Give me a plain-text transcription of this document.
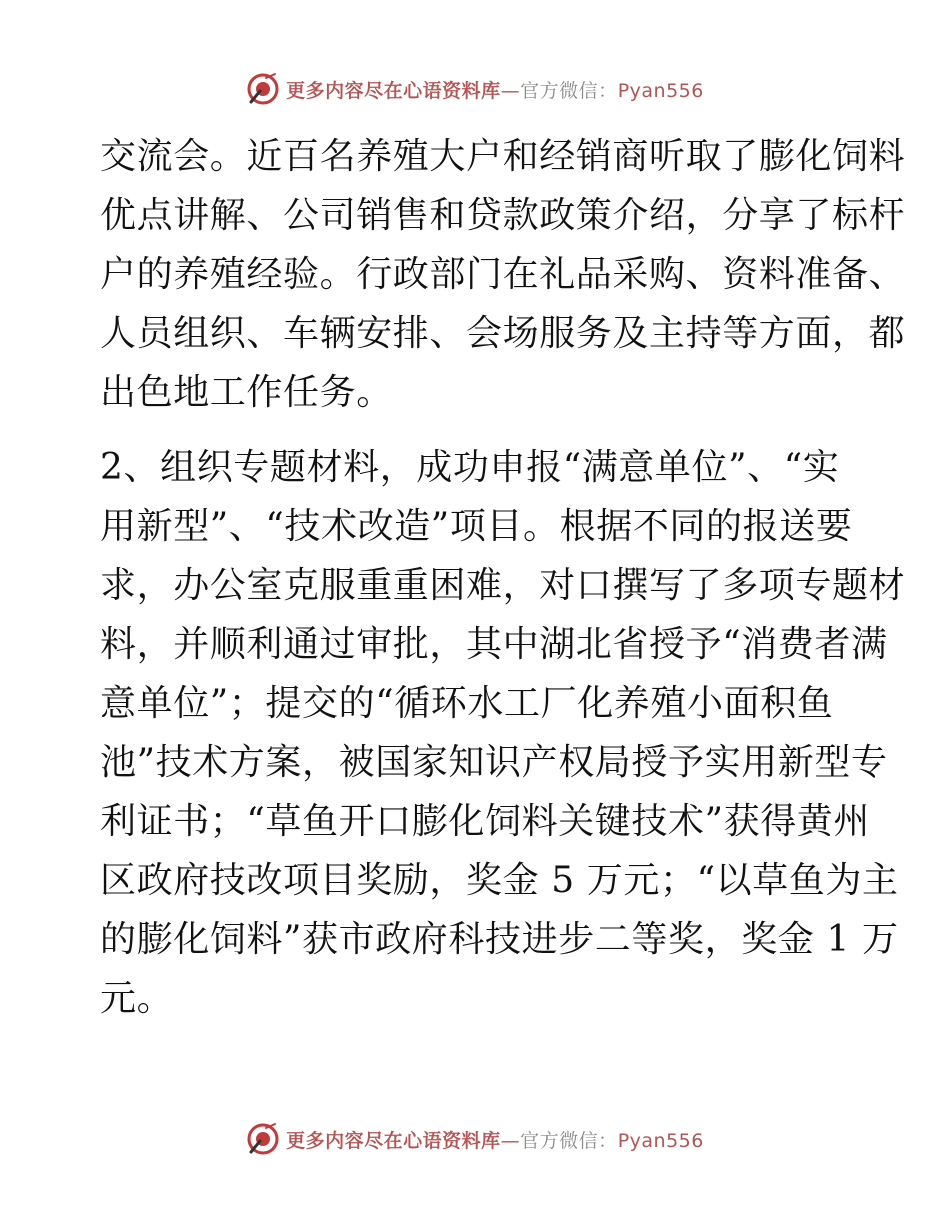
更多内容尽在心语资料库—官方微信：Pyan556

交流会。近百名养殖大户和经销商听取了膨化饲料
优点讲解、公司销售和贷款政策介绍，分享了标杆
户的养殖经验。行政部门在礼品采购、资料准备、
人员组织、车辆安排、会场服务及主持等方面，都
出色地工作任务。

2、组织专题材料，成功申报“满意单位”、“实
用新型”、“技术改造”项目。根据不同的报送要
求，办公室克服重重困难，对口撰写了多项专题材
料，并顺利通过审批，其中湖北省授予“消费者满
意单位”；提交的“循环水工厂化养殖小面积鱼
池”技术方案，被国家知识产权局授予实用新型专
利证书；“草鱼开口膨化饲料关键技术”获得黄州
区政府技改项目奖励，奖金 5 万元；“以草鱼为主
的膨化饲料”获市政府科技进步二等奖，奖金 1 万
元。

更多内容尽在心语资料库—官方微信：Pyan556
